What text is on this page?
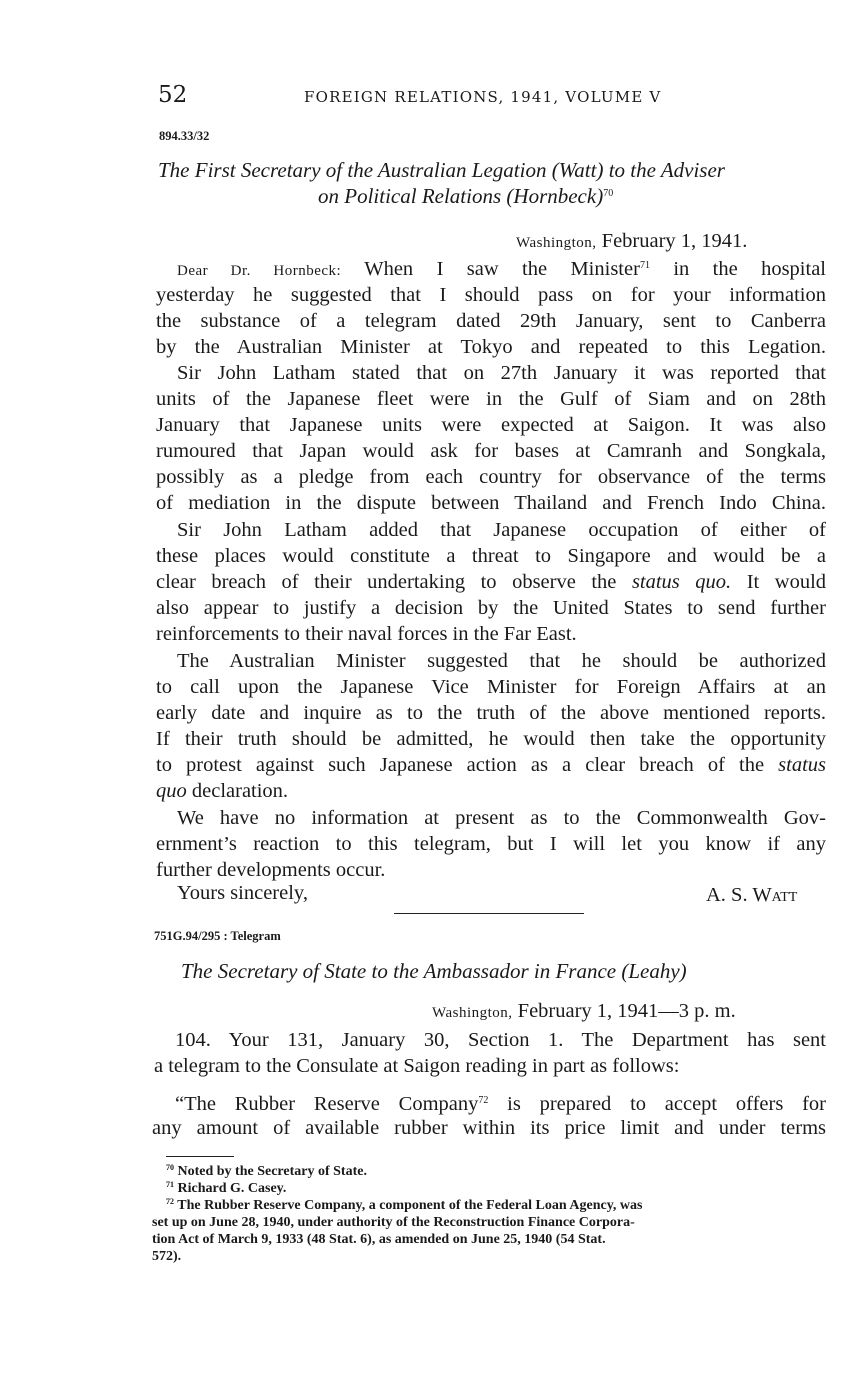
52	FOREIGN RELATIONS, 1941, VOLUME V
894.33/32
The First Secretary of the Australian Legation (Watt) to the Adviser
on Political Relations (Hornbeck)$^{70}$
Washington, February 1, 1941.
Dear Dr. Hornbeck: When I saw the Minister$^{71}$ in the hospital
yesterday he suggested that I should pass on for your information
the substance of a telegram dated 29th January, sent to Canberra
by the Australian Minister at Tokyo and repeated to this Legation.
Sir John Latham stated that on 27th January it was reported that
units of the Japanese fleet were in the Gulf of Siam and on 28th
January that Japanese units were expected at Saigon. It was also
rumoured that Japan would ask for bases at Camranh and Songkala,
possibly as a pledge from each country for observance of the terms
of mediation in the dispute between Thailand and French Indo China.
Sir John Latham added that Japanese occupation of either of
these places would constitute a threat to Singapore and would be a
clear breach of their undertaking to observe the status quo. It would
also appear to justify a decision by the United States to send further
reinforcements to their naval forces in the Far East.
The Australian Minister suggested that he should be authorized
to call upon the Japanese Vice Minister for Foreign Affairs at an
early date and inquire as to the truth of the above mentioned reports.
If their truth should be admitted, he would then take the opportunity
to protest against such Japanese action as a clear breach of the status
quo declaration.
We have no information at present as to the Commonwealth Gov-
ernment’s reaction to this telegram, but I will let you know if any
further developments occur.
Yours sincerely,	A. S. Watt
751G.94/295 : Telegram
The Secretary of State to the Ambassador in France (Leahy)
Washington, February 1, 1941—3 p. m.
104. Your 131, January 30, Section 1. The Department has sent
a telegram to the Consulate at Saigon reading in part as follows:
“The Rubber Reserve Company$^{72}$ is prepared to accept offers for
any amount of available rubber within its price limit and under terms
$^{70}$ Noted by the Secretary of State.
$^{71}$ Richard G. Casey.
$^{72}$ The Rubber Reserve Company, a component of the Federal Loan Agency, was
set up on June 28, 1940, under authority of the Reconstruction Finance Corpora-
tion Act of March 9, 1933 (48 Stat. 6), as amended on June 25, 1940 (54 Stat.
572).
